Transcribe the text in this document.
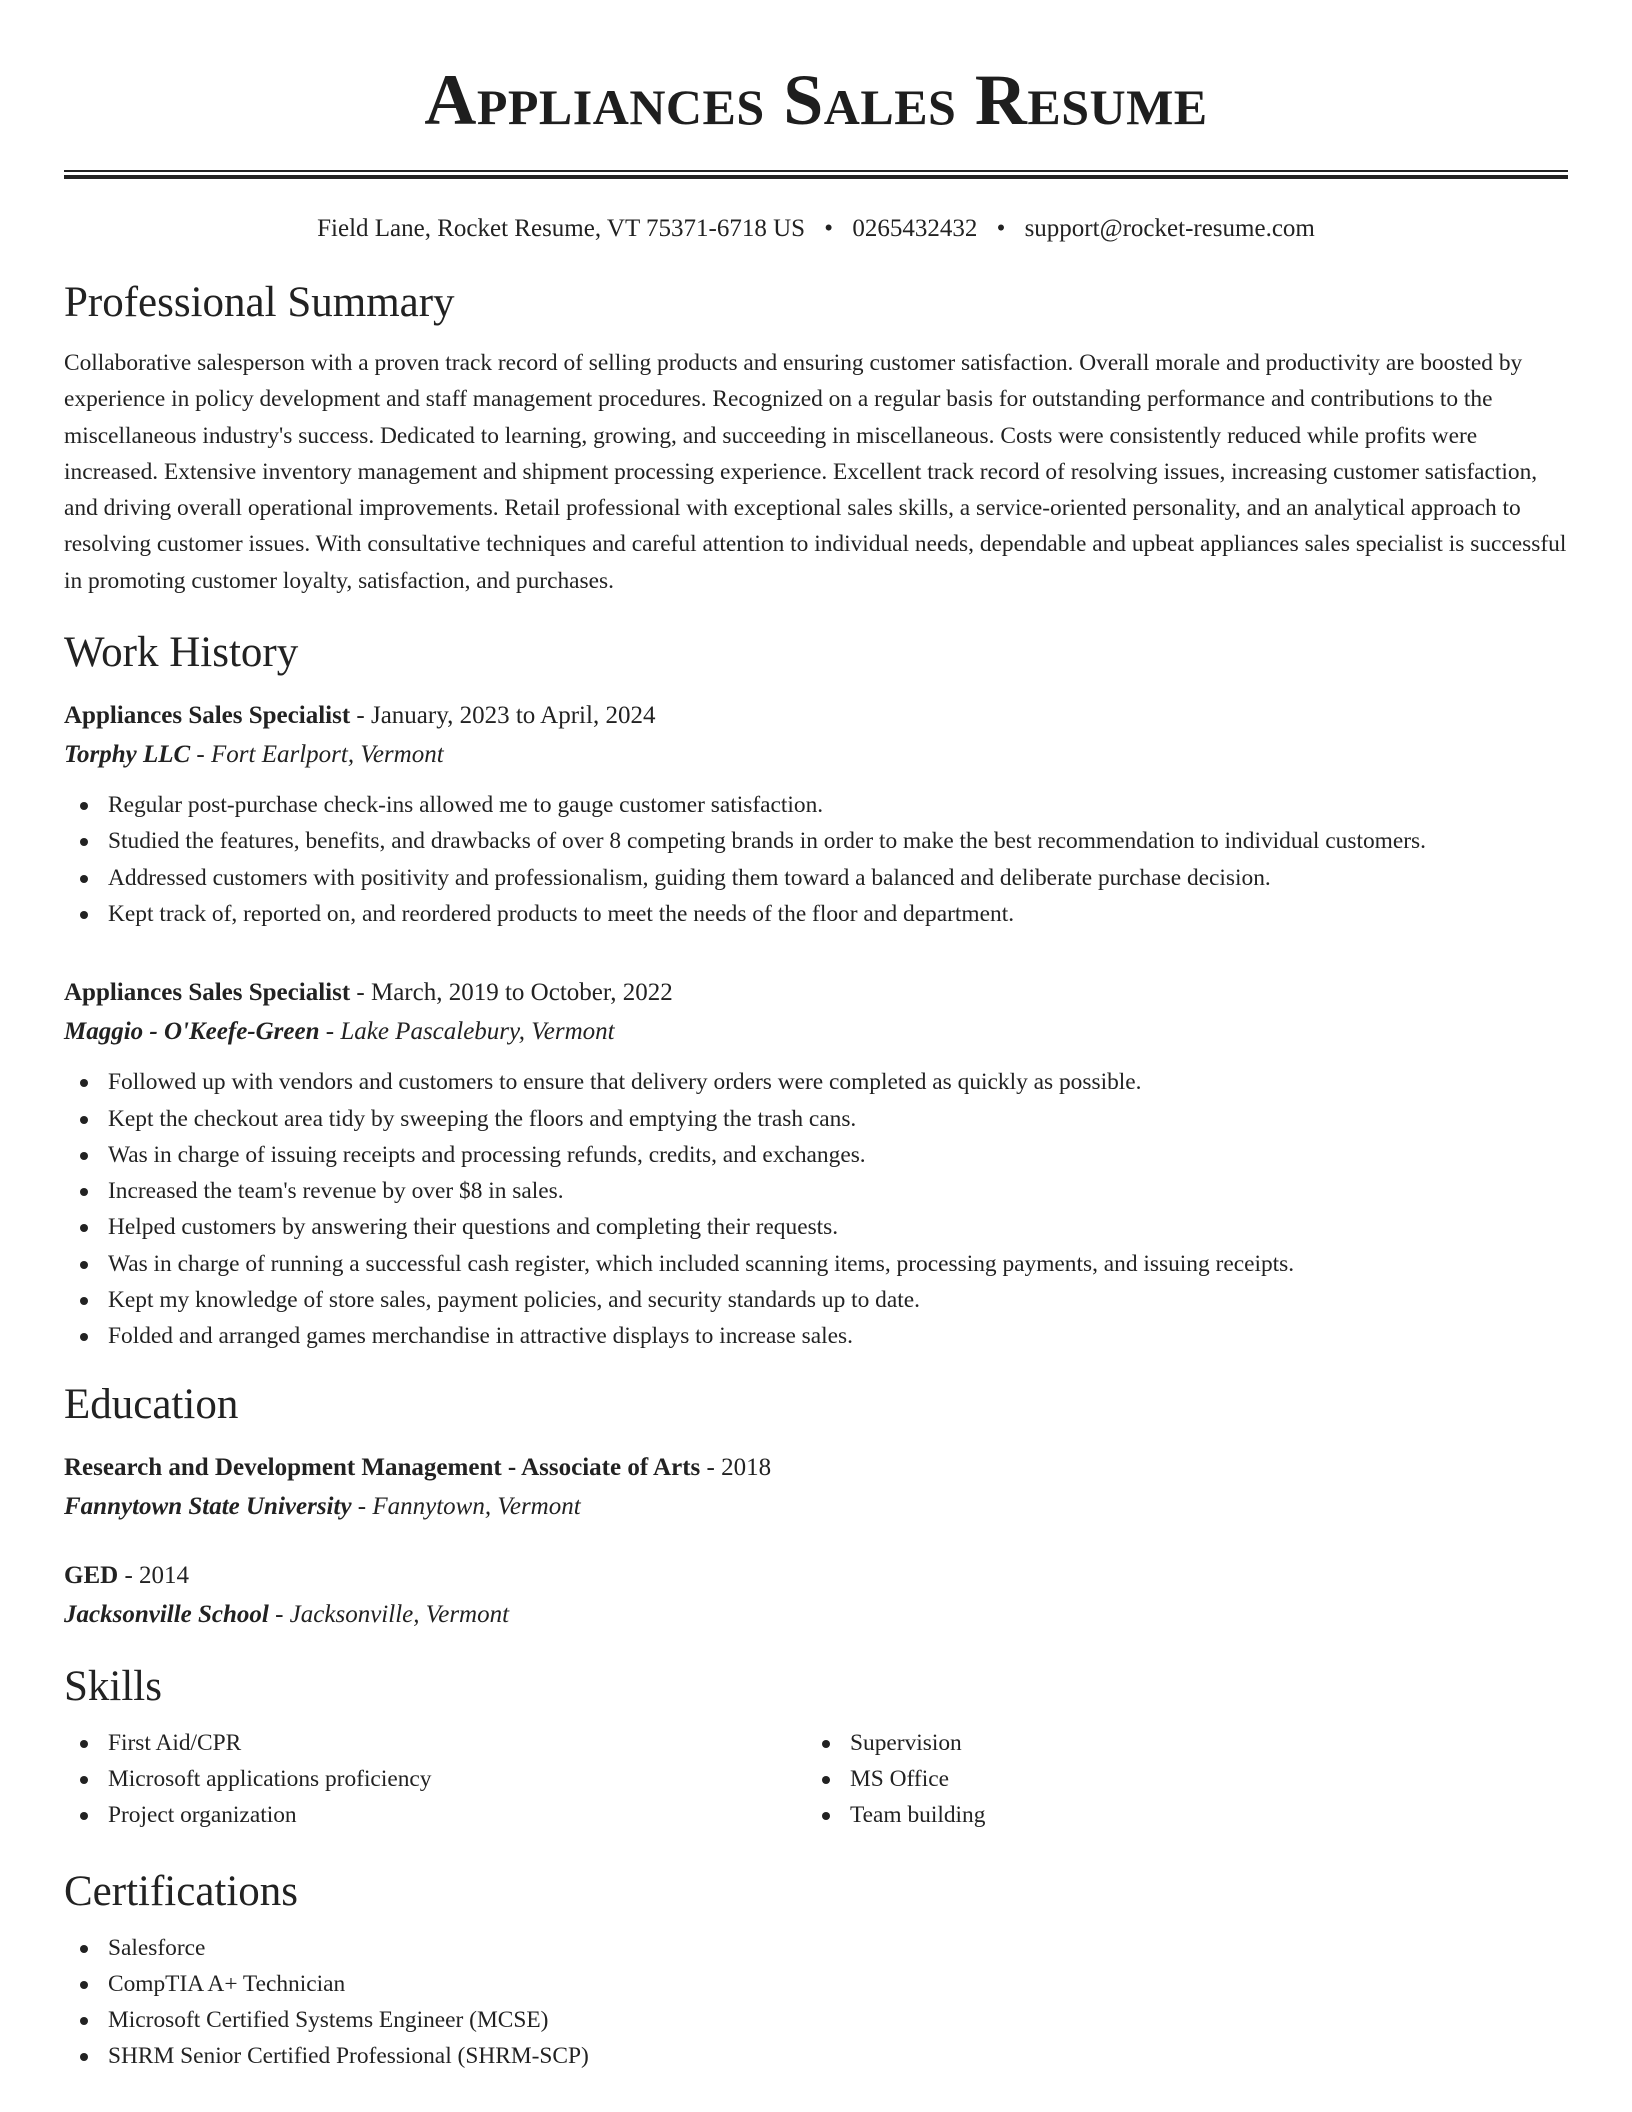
Appliances Sales Resume
Field Lane, Rocket Resume, VT 75371-6718 US • 0265432432 • support@rocket-resume.com
Professional Summary

Collaborative salesperson with a proven track record of selling products and ensuring customer satisfaction. Overall morale and productivity are boosted by experience in policy development and staff management procedures. Recognized on a regular basis for outstanding performance and contributions to the miscellaneous industry's success. Dedicated to learning, growing, and succeeding in miscellaneous. Costs were consistently reduced while profits were increased. Extensive inventory management and shipment processing experience. Excellent track record of resolving issues, increasing customer satisfaction, and driving overall operational improvements. Retail professional with exceptional sales skills, a service-oriented personality, and an analytical approach to resolving customer issues. With consultative techniques and careful attention to individual needs, dependable and upbeat appliances sales specialist is successful in promoting customer loyalty, satisfaction, and purchases.

Work History
Appliances Sales Specialist - January, 2023 to April, 2024
Torphy LLC - Fort Earlport, Vermont
Regular post-purchase check-ins allowed me to gauge customer satisfaction.
Studied the features, benefits, and drawbacks of over 8 competing brands in order to make the best recommendation to individual customers.
Addressed customers with positivity and professionalism, guiding them toward a balanced and deliberate purchase decision.
Kept track of, reported on, and reordered products to meet the needs of the floor and department.
Appliances Sales Specialist - March, 2019 to October, 2022
Maggio - O'Keefe-Green - Lake Pascalebury, Vermont
Followed up with vendors and customers to ensure that delivery orders were completed as quickly as possible.
Kept the checkout area tidy by sweeping the floors and emptying the trash cans.
Was in charge of issuing receipts and processing refunds, credits, and exchanges.
Increased the team's revenue by over $8 in sales.
Helped customers by answering their questions and completing their requests.
Was in charge of running a successful cash register, which included scanning items, processing payments, and issuing receipts.
Kept my knowledge of store sales, payment policies, and security standards up to date.
Folded and arranged games merchandise in attractive displays to increase sales.
Education
Research and Development Management - Associate of Arts - 2018
Fannytown State University - Fannytown, Vermont
GED - 2014
Jacksonville School - Jacksonville, Vermont
Skills
First Aid/CPR
Microsoft applications proficiency
Project organization
Supervision
MS Office
Team building
Certifications
Salesforce
CompTIA A+ Technician
Microsoft Certified Systems Engineer (MCSE)
SHRM Senior Certified Professional (SHRM-SCP)
